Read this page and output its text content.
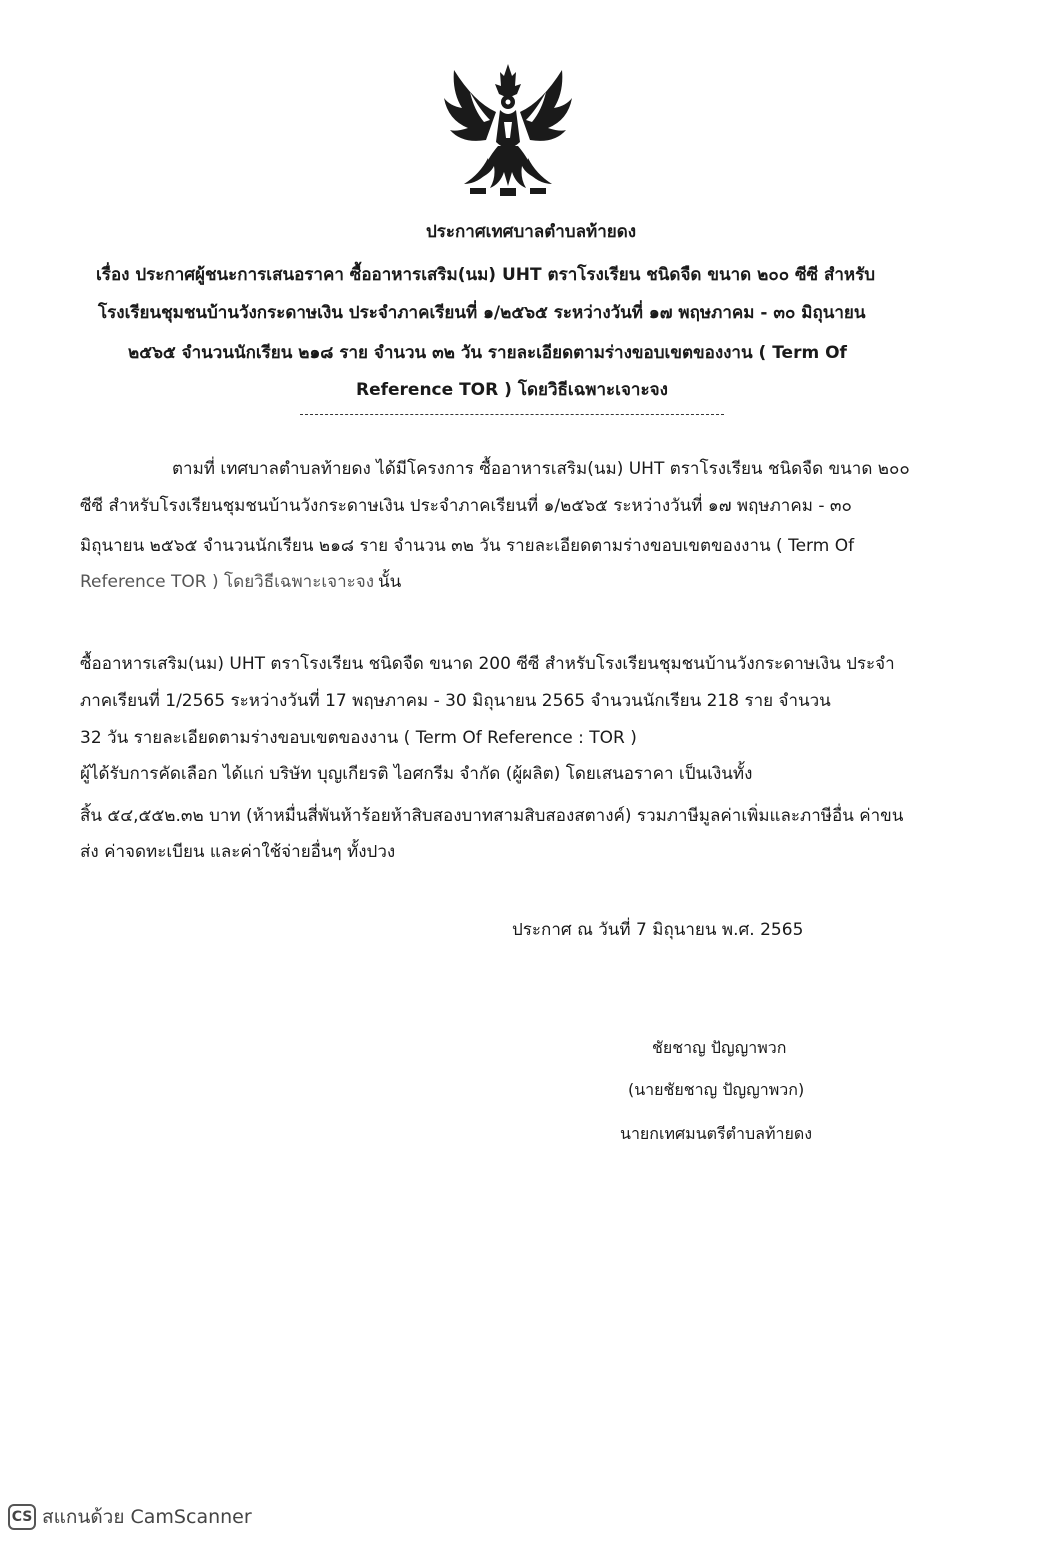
ประกาศเทศบาลตำบลท้ายดง
เรื่อง ประกาศผู้ชนะการเสนอราคา ซื้ออาหารเสริม(นม) UHT ตราโรงเรียน ชนิดจืด ขนาด ๒๐๐ ซีซี สำหรับ
โรงเรียนชุมชนบ้านวังกระดาษเงิน ประจำภาคเรียนที่ ๑/๒๕๖๕ ระหว่างวันที่ ๑๗ พฤษภาคม - ๓๐ มิถุนายน
๒๕๖๕ จำนวนนักเรียน ๒๑๘ ราย จำนวน ๓๒ วัน รายละเอียดตามร่างขอบเขตของงาน ( Term Of
Reference TOR ) โดยวิธีเฉพาะเจาะจง
ตามที่ เทศบาลตำบลท้ายดง ได้มีโครงการ ซื้ออาหารเสริม(นม) UHT ตราโรงเรียน ชนิดจืด ขนาด ๒๐๐
ซีซี สำหรับโรงเรียนชุมชนบ้านวังกระดาษเงิน ประจำภาคเรียนที่ ๑/๒๕๖๕ ระหว่างวันที่ ๑๗ พฤษภาคม - ๓๐
มิถุนายน ๒๕๖๕ จำนวนนักเรียน ๒๑๘ ราย จำนวน ๓๒ วัน รายละเอียดตามร่างขอบเขตของงาน ( Term Of
Reference TOR ) โดยวิธีเฉพาะเจาะจง นั้น
ซื้ออาหารเสริม(นม) UHT ตราโรงเรียน ชนิดจืด ขนาด 200 ซีซี สำหรับโรงเรียนชุมชนบ้านวังกระดาษเงิน ประจำ
ภาคเรียนที่ 1/2565 ระหว่างวันที่ 17 พฤษภาคม - 30 มิถุนายน 2565 จำนวนนักเรียน 218 ราย จำนวน
32 วัน รายละเอียดตามร่างขอบเขตของงาน ( Term Of Reference : TOR )
ผู้ได้รับการคัดเลือก ได้แก่ บริษัท บุญเกียรติ ไอศกรีม จำกัด (ผู้ผลิต) โดยเสนอราคา เป็นเงินทั้ง
สิ้น ๕๔,๕๕๒.๓๒ บาท (ห้าหมื่นสี่พันห้าร้อยห้าสิบสองบาทสามสิบสองสตางค์) รวมภาษีมูลค่าเพิ่มและภาษีอื่น ค่าขน
ส่ง ค่าจดทะเบียน และค่าใช้จ่ายอื่นๆ ทั้งปวง
ประกาศ ณ วันที่ 7 มิถุนายน พ.ศ. 2565
ชัยชาญ ปัญญาพวก
(นายชัยชาญ ปัญญาพวก)
นายกเทศมนตรีตำบลท้ายดง
CS สแกนด้วย CamScanner
